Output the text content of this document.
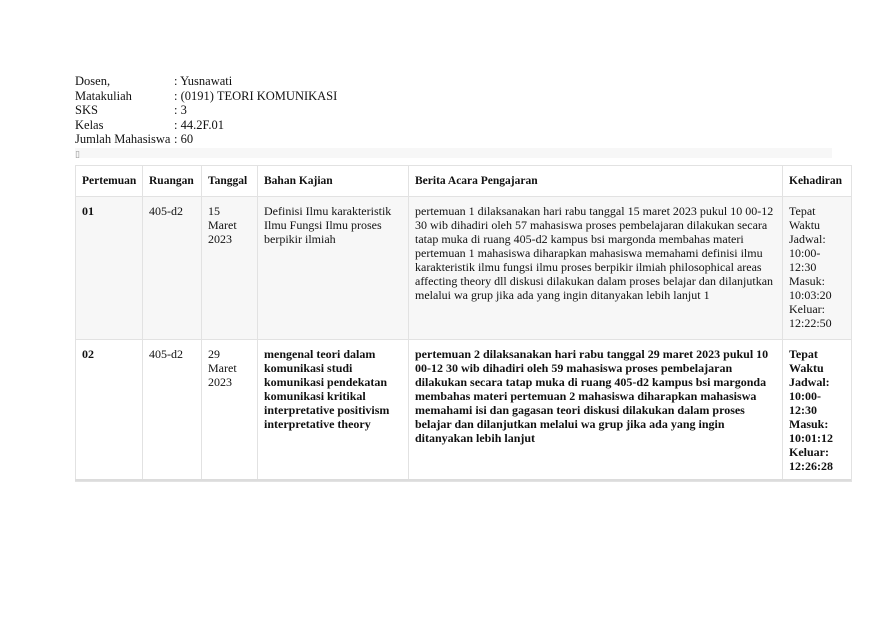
Dosen,	: Yusnawati
Matakuliah	: (0191) TEORI KOMUNIKASI
SKS	: 3
Kelas	: 44.2F.01
Jumlah Mahasiswa : 60
▯
Pertemuan	Ruangan	Tanggal	Bahan Kajian	Berita Acara Pengajaran	Kehadiran
01	405-d2	15 Maret 2023	Definisi Ilmu karakteristik Ilmu Fungsi Ilmu proses berpikir ilmiah	pertemuan 1 dilaksanakan hari rabu tanggal 15 maret 2023 pukul 10 00-12 30 wib dihadiri oleh 57 mahasiswa proses pembelajaran dilakukan secara tatap muka di ruang 405-d2 kampus bsi margonda membahas materi pertemuan 1 mahasiswa diharapkan mahasiswa memahami definisi ilmu karakteristik ilmu fungsi ilmu proses berpikir ilmiah philosophical areas affecting theory dll diskusi dilakukan dalam proses belajar dan dilanjutkan melalui wa grup jika ada yang ingin ditanyakan lebih lanjut 1	Tepat Waktu Jadwal: 10:00-12:30 Masuk: 10:03:20 Keluar: 12:22:50
02	405-d2	29 Maret 2023	mengenal teori dalam komunikasi studi komunikasi pendekatan komunikasi kritikal interpretative positivism interpretative theory	pertemuan 2 dilaksanakan hari rabu tanggal 29 maret 2023 pukul 10 00-12 30 wib dihadiri oleh 59 mahasiswa proses pembelajaran dilakukan secara tatap muka di ruang 405-d2 kampus bsi margonda membahas materi pertemuan 2 mahasiswa diharapkan mahasiswa memahami isi dan gagasan teori diskusi dilakukan dalam proses belajar dan dilanjutkan melalui wa grup jika ada yang ingin ditanyakan lebih lanjut	Tepat Waktu Jadwal: 10:00-12:30 Masuk: 10:01:12 Keluar: 12:26:28
